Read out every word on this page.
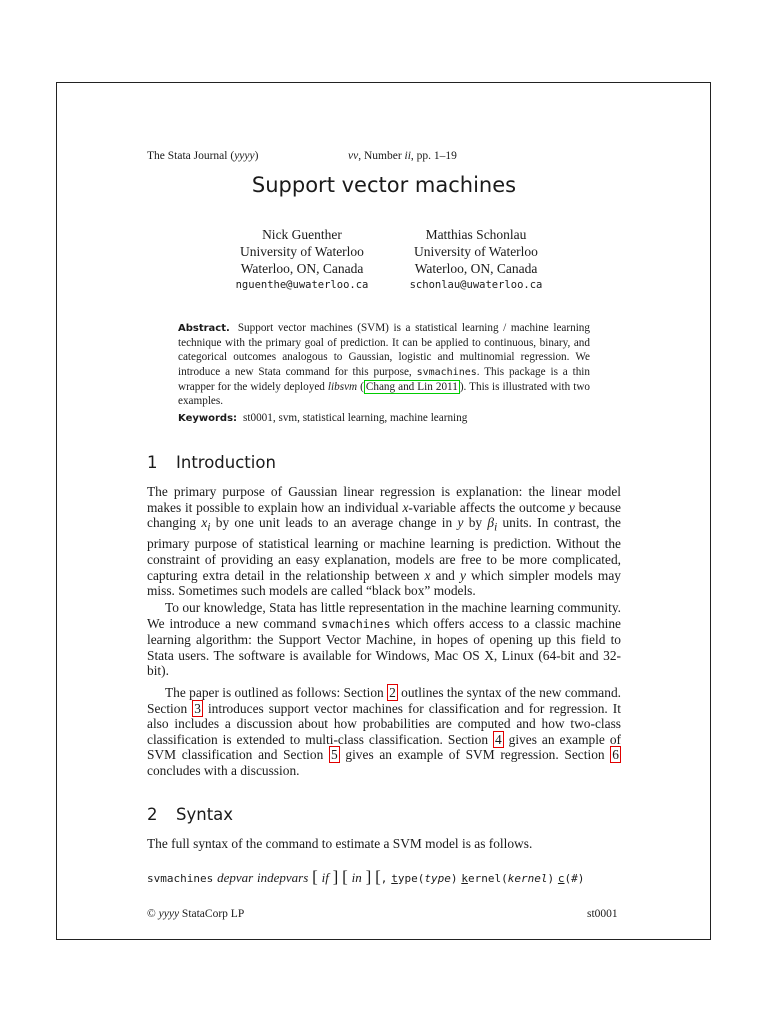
The Stata Journal (yyyy)	vv, Number ii, pp. 1–19
Support vector machines
Nick Guenther
University of Waterloo
Waterloo, ON, Canada
nguenthe@uwaterloo.ca
Matthias Schonlau
University of Waterloo
Waterloo, ON, Canada
schonlau@uwaterloo.ca
Abstract. Support vector machines (SVM) is a statistical learning / machine learning technique with the primary goal of prediction. It can be applied to continuous, binary, and categorical outcomes analogous to Gaussian, logistic and multinomial regression. We introduce a new Stata command for this purpose, svmachines. This package is a thin wrapper for the widely deployed libsvm ( Chang and Lin 2011 ). This is illustrated with two examples.
Keywords: st0001, svm, statistical learning, machine learning
1 Introduction
The primary purpose of Gaussian linear regression is explanation: the linear model makes it possible to explain how an individual x-variable affects the outcome y because changing $x_i$ by one unit leads to an average change in y by $\beta_i$ units. In contrast, the primary purpose of statistical learning or machine learning is prediction. Without the constraint of providing an easy explanation, models are free to be more complicated, capturing extra detail in the relationship between x and y which simpler models may miss. Sometimes such models are called “black box” models.
To our knowledge, Stata has little representation in the machine learning community. We introduce a new command svmachines which offers access to a classic machine learning algorithm: the Support Vector Machine, in hopes of opening up this field to Stata users. The software is available for Windows, Mac OS X, Linux (64-bit and 32-bit).
The paper is outlined as follows: Section 2 outlines the syntax of the new command. Section 3 introduces support vector machines for classification and for regression. It also includes a discussion about how probabilities are computed and how two-class classification is extended to multi-class classification. Section 4 gives an example of SVM classification and Section 5 gives an example of SVM regression. Section 6 concludes with a discussion.
2 Syntax
The full syntax of the command to estimate a SVM model is as follows.
svmachines depvar indepvars [ if ] [ in ] [, type(type) kernel(kernel) c(#)
© yyyy StataCorp LP	st0001
